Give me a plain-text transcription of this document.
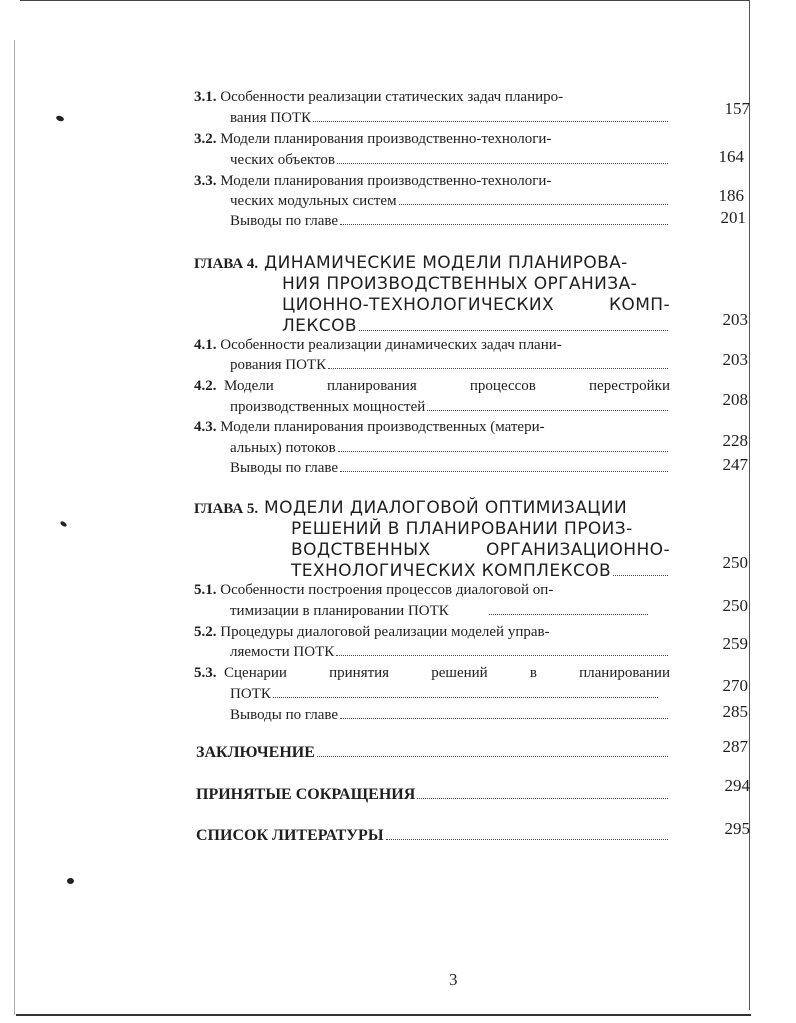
3.1. Особенности реализации статических задач планиро-
вания ПОТК	157
3.2. Модели планирования производственно-технологи-
ческих объектов	164
3.3. Модели планирования производственно-технологи-
ческих модульных систем	186
Выводы по главе	201
ГЛАВА 4. ДИНАМИЧЕСКИЕ МОДЕЛИ ПЛАНИРОВА-
НИЯ ПРОИЗВОДСТВЕННЫХ ОРГАНИЗА-
ЦИОННО-ТЕХНОЛОГИЧЕСКИХ	КОМП-
ЛЕКСОВ	203
4.1. Особенности реализации динамических задач плани-
рования ПОТК	203
4.2. Модели	планирования	процессов	перестройки
производственных мощностей	208
4.3. Модели планирования производственных (матери-
альных) потоков	228
Выводы по главе	247
ГЛАВА 5. МОДЕЛИ ДИАЛОГОВОЙ ОПТИМИЗАЦИИ
РЕШЕНИЙ В ПЛАНИРОВАНИИ ПРОИЗ-
ВОДСТВЕННЫХ	ОРГАНИЗАЦИОННО-
ТЕХНОЛОГИЧЕСКИХ КОМПЛЕКСОВ	250
5.1. Особенности построения процессов диалоговой оп-
тимизации в планировании ПОТК	250
5.2. Процедуры диалоговой реализации моделей управ-
ляемости ПОТК	259
5.3. Сценарии	принятия	решений	в	планировании
ПОТК	270
Выводы по главе	285
ЗАКЛЮЧЕНИЕ	287
ПРИНЯТЫЕ СОКРАЩЕНИЯ	294
СПИСОК ЛИТЕРАТУРЫ	295
3
